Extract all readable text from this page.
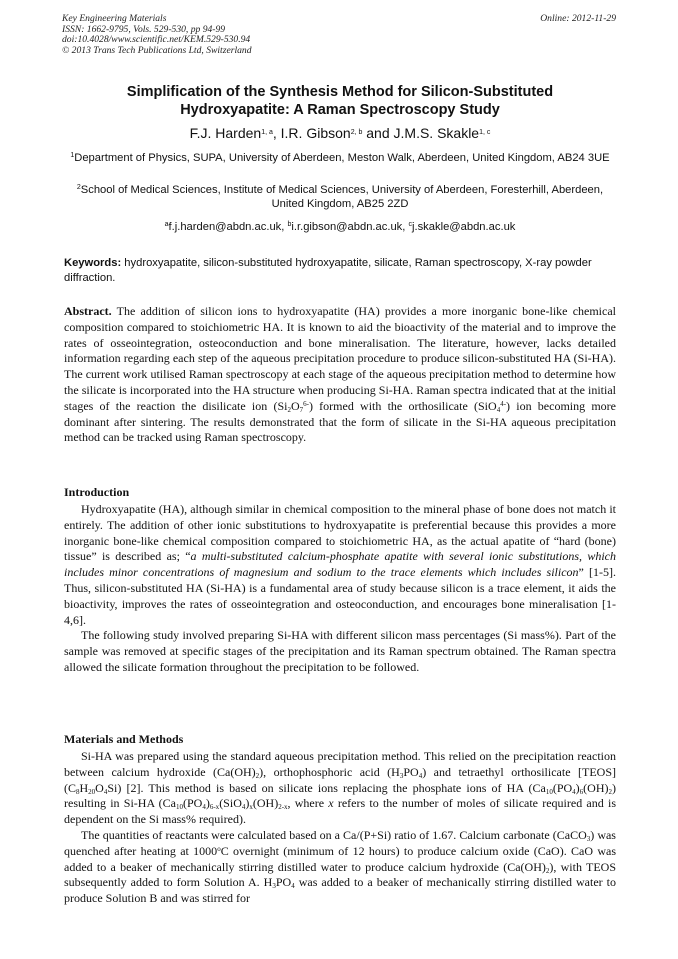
Key Engineering Materials
ISSN: 1662-9795, Vols. 529-530, pp 94-99
doi:10.4028/www.scientific.net/KEM.529-530.94
© 2013 Trans Tech Publications Ltd, Switzerland
Online: 2012-11-29
Simplification of the Synthesis Method for Silicon-Substituted
Hydroxyapatite: A Raman Spectroscopy Study
F.J. Harden$^{1, a}$, I.R. Gibson$^{2, b}$ and J.M.S. Skakle$^{1, c}$
$^1$Department of Physics, SUPA, University of Aberdeen, Meston Walk, Aberdeen, United Kingdom, AB24 3UE
$^2$School of Medical Sciences, Institute of Medical Sciences, University of Aberdeen, Foresterhill, Aberdeen, United Kingdom, AB25 2ZD
$^a$f.j.harden@abdn.ac.uk, $^b$i.r.gibson@abdn.ac.uk, $^c$j.skakle@abdn.ac.uk
Keywords: hydroxyapatite, silicon-substituted hydroxyapatite, silicate, Raman spectroscopy, X-ray powder diffraction.
Abstract. The addition of silicon ions to hydroxyapatite (HA) provides a more inorganic bone-like chemical composition compared to stoichiometric HA. It is known to aid the bioactivity of the material and to improve the rates of osseointegration, osteoconduction and bone mineralisation. The literature, however, lacks detailed information regarding each step of the aqueous precipitation procedure to produce silicon-substituted HA (Si-HA). The current work utilised Raman spectroscopy at each stage of the aqueous precipitation method to determine how the silicate is incorporated into the HA structure when producing Si-HA. Raman spectra indicated that at the initial stages of the reaction the disilicate ion $(Si_2O_7^{6-})$ formed with the orthosilicate (SiO$_4^{4-}$) ion becoming more dominant after sintering. The results demonstrated that the form of silicate in the Si-HA aqueous precipitation method can be tracked using Raman spectroscopy.
Introduction

Hydroxyapatite (HA), although similar in chemical composition to the mineral phase of bone does not match it entirely. The addition of other ionic substitutions to hydroxyapatite is preferential because this provides a more inorganic bone-like chemical composition compared to stoichiometric HA, as the actual apatite of “hard (bone) tissue” is described as; “a multi-substituted calcium-phosphate apatite with several ionic substitutions, which includes minor concentrations of magnesium and sodium to the trace elements which includes silicon” [1-5]. Thus, silicon-substituted HA (Si-HA) is a fundamental area of study because silicon is a trace element, it aids the bioactivity, improves the rates of osseointegration and osteoconduction, and encourages bone mineralisation [1-4,6].

The following study involved preparing Si-HA with different silicon mass percentages (Si mass%). Part of the sample was removed at specific stages of the precipitation and its Raman spectrum obtained. The Raman spectra allowed the silicate formation throughout the precipitation to be followed.

Materials and Methods

Si-HA was prepared using the standard aqueous precipitation method. This relied on the precipitation reaction between calcium hydroxide $(Ca(OH)_2)$, orthophosphoric acid $(H_3PO_4)$ and tetraethyl orthosilicate [TEOS] $(C_8H_{20}O_4Si)$ [2]. This method is based on silicate ions replacing the phosphate ions of HA $(Ca_{10}(PO_4)_6(OH)_2)$ resulting in Si-HA ($Ca_{10}(PO_4)_{6-x}(SiO_4)_x(OH)_{2-x}$, where x refers to the number of moles of silicate required and is dependent on the Si mass% required).

The quantities of reactants were calculated based on a Ca/(P+Si) ratio of 1.67. Calcium carbonate (CaCO$_3$) was quenched after heating at 1000$^o$C overnight (minimum of 12 hours) to produce calcium oxide (CaO). CaO was added to a beaker of mechanically stirring distilled water to produce calcium hydroxide $(Ca(OH)_2)$, with TEOS subsequently added to form Solution A. $H_3PO_4$ was added to a beaker of mechanically stirring distilled water to produce Solution B and was stirred for
